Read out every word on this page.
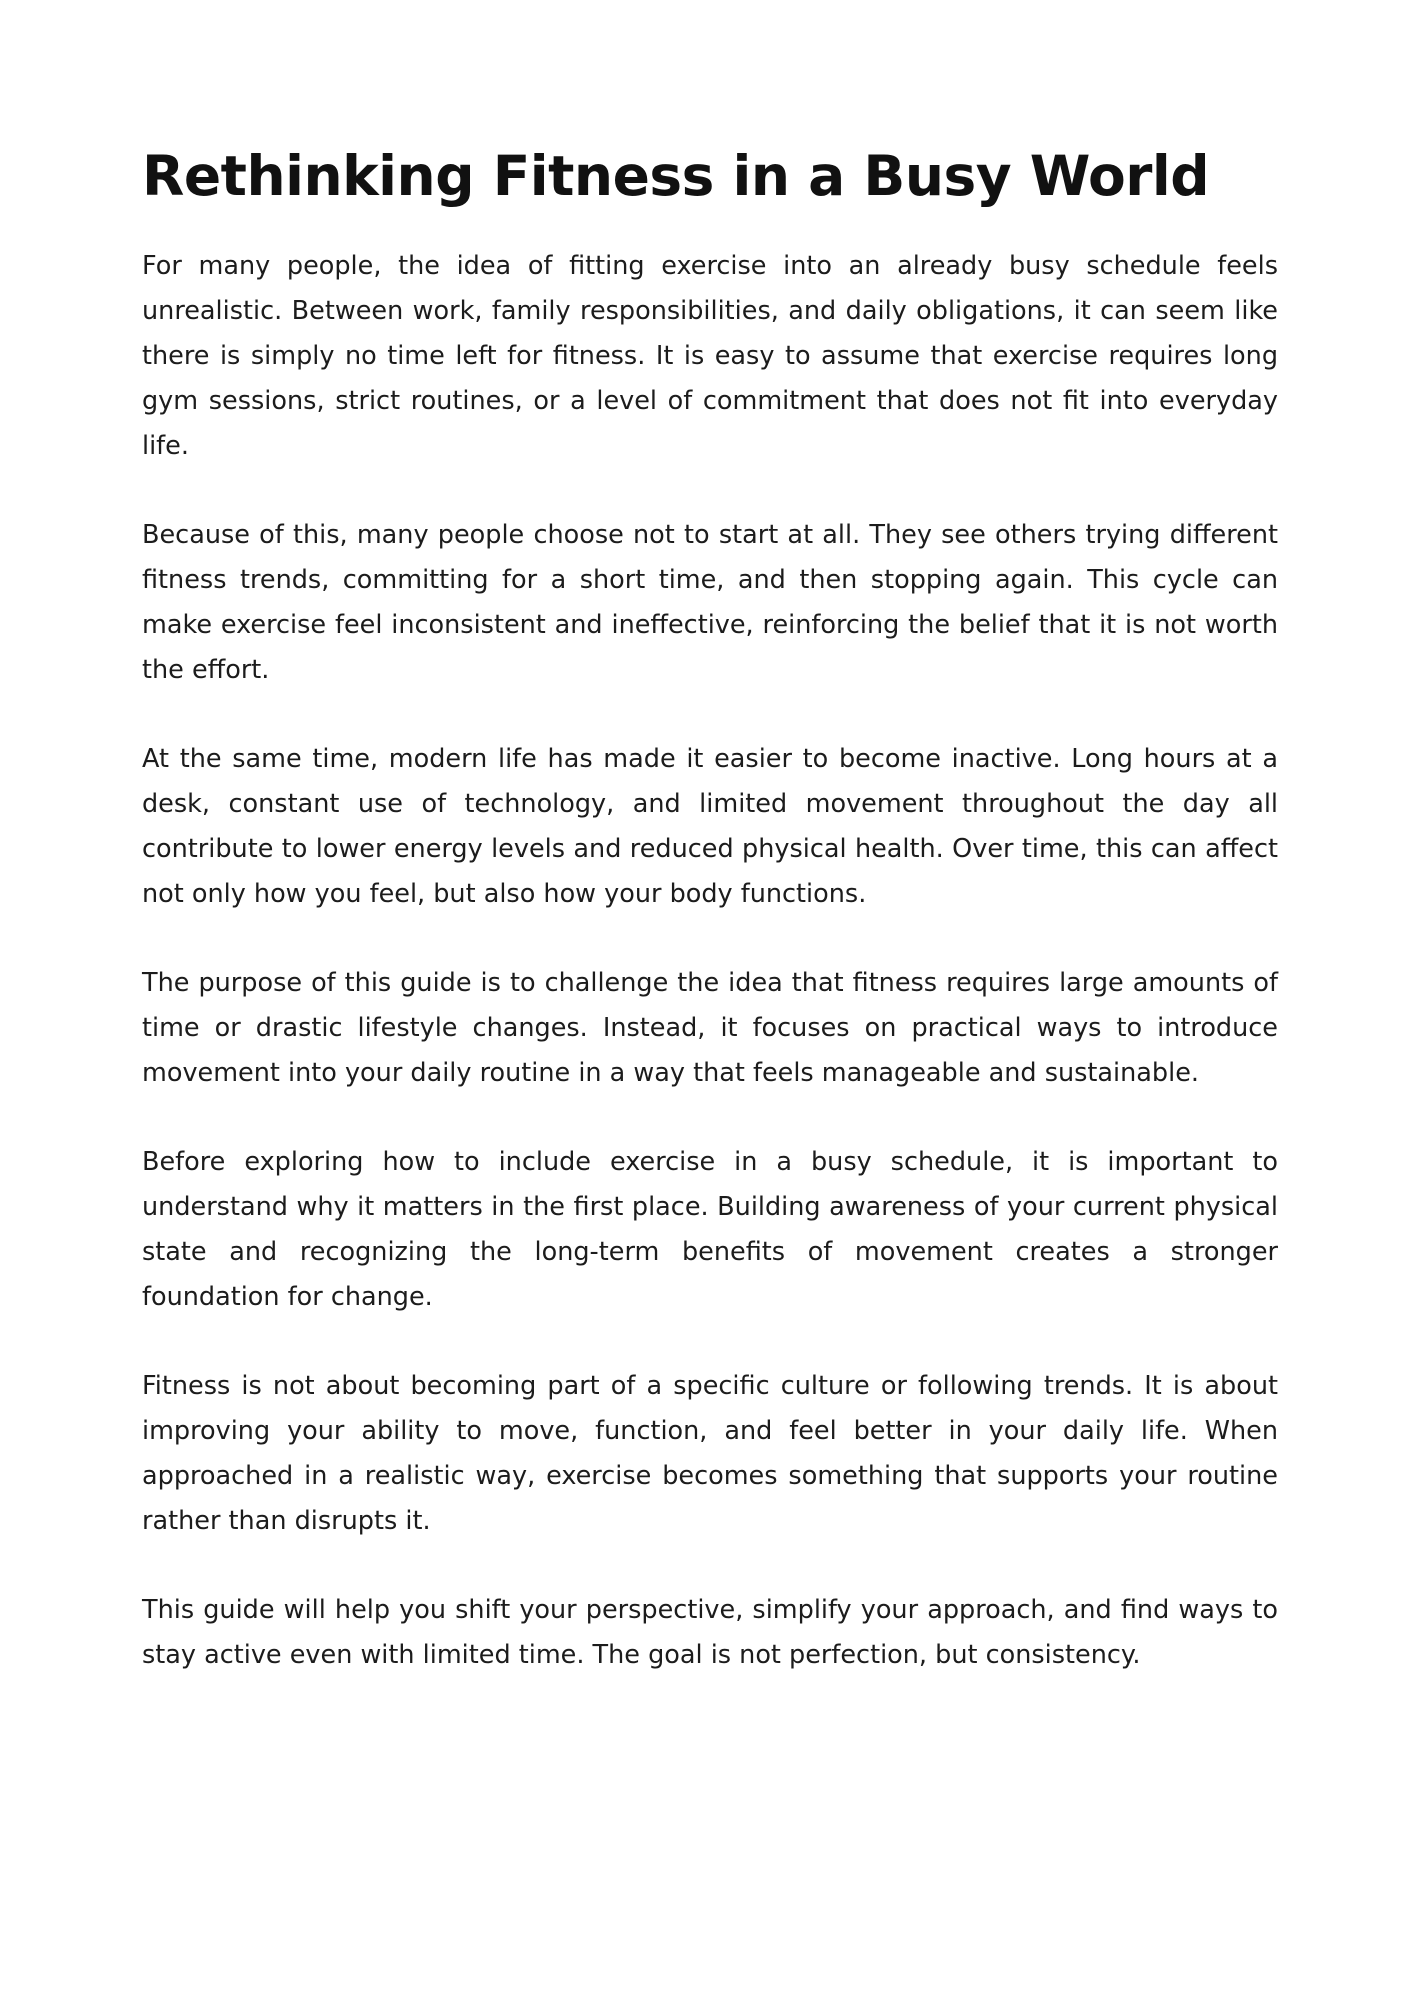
Rethinking Fitness in a Busy World

For many people, the idea of fitting exercise into an already busy schedule feels unrealistic. Between work, family responsibilities, and daily obligations, it can seem like there is simply no time left for fitness. It is easy to assume that exercise requires long gym sessions, strict routines, or a level of commitment that does not fit into everyday life.

Because of this, many people choose not to start at all. They see others trying different fitness trends, committing for a short time, and then stopping again. This cycle can make exercise feel inconsistent and ineffective, reinforcing the belief that it is not worth the effort.

At the same time, modern life has made it easier to become inactive. Long hours at a desk, constant use of technology, and limited movement throughout the day all contribute to lower energy levels and reduced physical health. Over time, this can affect not only how you feel, but also how your body functions.

The purpose of this guide is to challenge the idea that fitness requires large amounts of time or drastic lifestyle changes. Instead, it focuses on practical ways to introduce movement into your daily routine in a way that feels manageable and sustainable.

Before exploring how to include exercise in a busy schedule, it is important to understand why it matters in the first place. Building awareness of your current physical state and recognizing the long-term benefits of movement creates a stronger foundation for change.

Fitness is not about becoming part of a specific culture or following trends. It is about improving your ability to move, function, and feel better in your daily life. When approached in a realistic way, exercise becomes something that supports your routine rather than disrupts it.

This guide will help you shift your perspective, simplify your approach, and find ways to stay active even with limited time. The goal is not perfection, but consistency.
